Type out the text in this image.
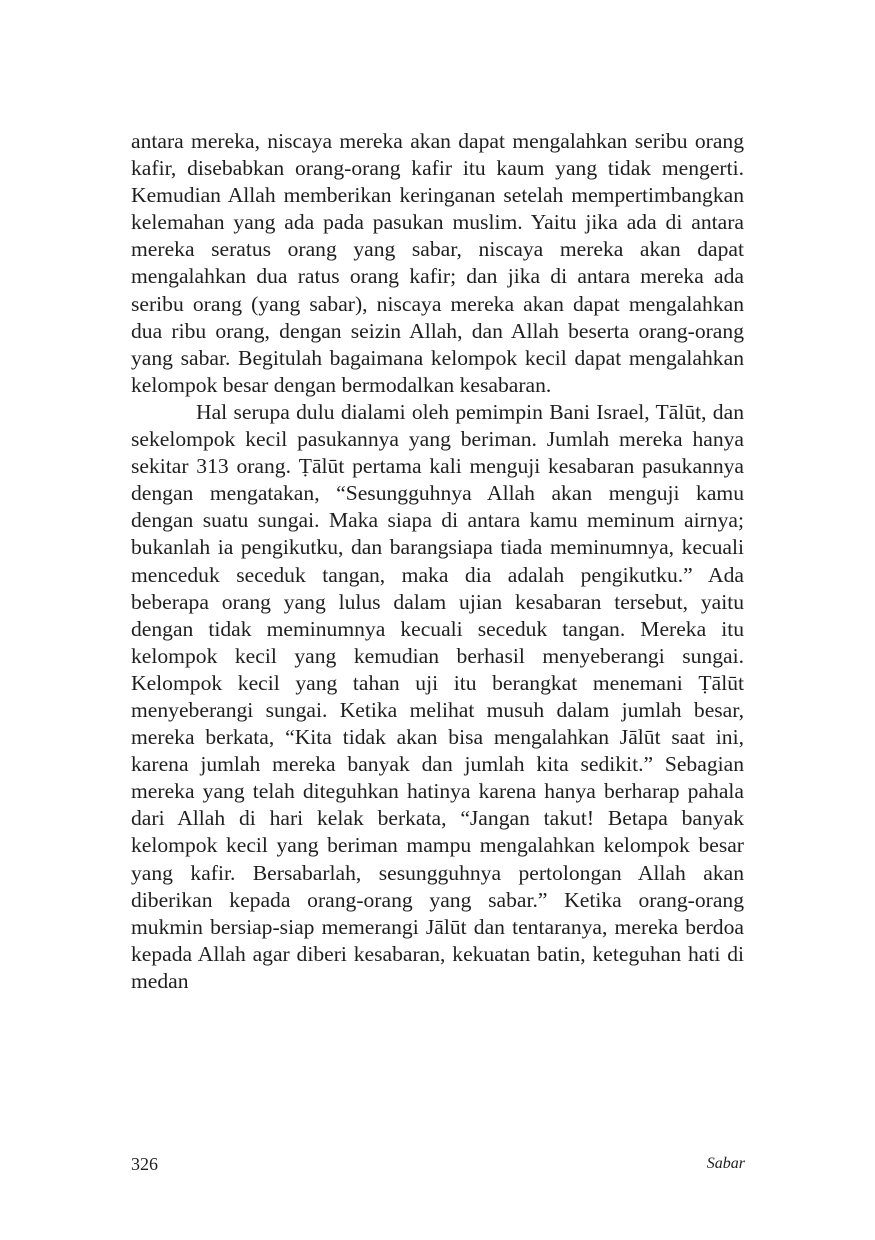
antara mereka, niscaya mereka akan dapat mengalahkan seribu orang kafir, disebabkan orang-orang kafir itu kaum yang tidak mengerti. Kemudian Allah memberikan keringanan setelah mempertimbangkan kelemahan yang ada pada pasukan muslim. Yaitu jika ada di antara mereka seratus orang yang sabar, niscaya mereka akan dapat mengalahkan dua ratus orang kafir; dan jika di antara mereka ada seribu orang (yang sabar), niscaya mereka akan dapat mengalahkan dua ribu orang, dengan seizin Allah, dan Allah beserta orang-orang yang sabar. Begitulah bagaimana kelompok kecil dapat mengalahkan kelompok besar dengan bermodalkan kesabaran.

Hal serupa dulu dialami oleh pemimpin Bani Israel, Tālūt, dan sekelompok kecil pasukannya yang beriman. Jumlah mereka hanya sekitar 313 orang. Ṭālūt pertama kali menguji kesabaran pasukannya dengan mengatakan, “Sesungguhnya Allah akan menguji kamu dengan suatu sungai. Maka siapa di antara kamu meminum airnya; bukanlah ia pengikutku, dan barangsiapa tiada meminumnya, kecuali menceduk seceduk tangan, maka dia adalah pengikutku.” Ada beberapa orang yang lulus dalam ujian kesabaran tersebut, yaitu dengan tidak meminumnya kecuali seceduk tangan. Mereka itu kelompok kecil yang kemudian berhasil menyeberangi sungai. Kelompok kecil yang tahan uji itu berangkat menemani Ṭālūt menyeberangi sungai. Ketika melihat musuh dalam jumlah besar, mereka berkata, “Kita tidak akan bisa mengalahkan Jālūt saat ini, karena jumlah mereka banyak dan jumlah kita sedikit.” Sebagian mereka yang telah diteguhkan hatinya karena hanya berharap pahala dari Allah di hari kelak berkata, “Jangan takut! Betapa banyak kelompok kecil yang beriman mampu mengalahkan kelompok besar yang kafir. Bersabarlah, sesungguhnya pertolongan Allah akan diberikan kepada orang-orang yang sabar.” Ketika orang-orang mukmin bersiap-siap memerangi Jālūt dan tentaranya, mereka berdoa kepada Allah agar diberi kesabaran, kekuatan batin, keteguhan hati di medan

326	Sabar
